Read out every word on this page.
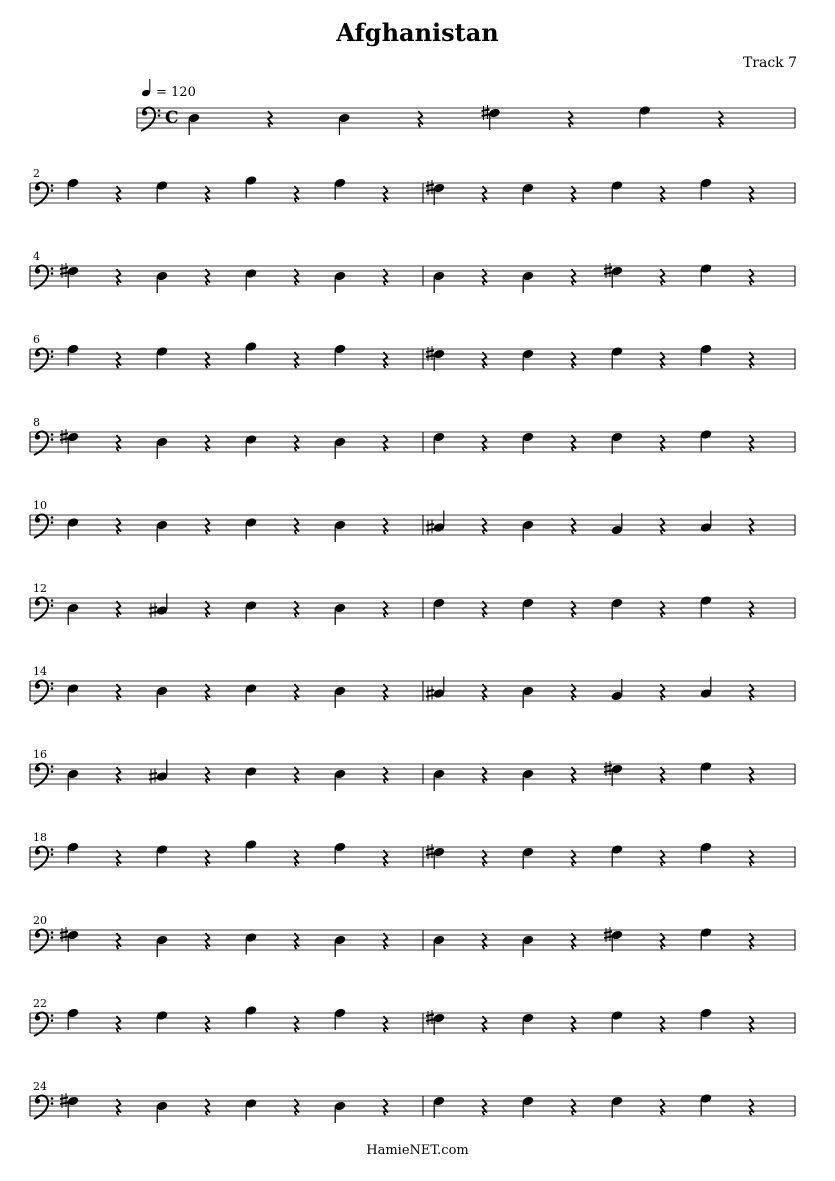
Afghanistan
Track 7
C
= 120
2
4
6
8
10
12
14
16
18
20
22
24
HamieNET.com
